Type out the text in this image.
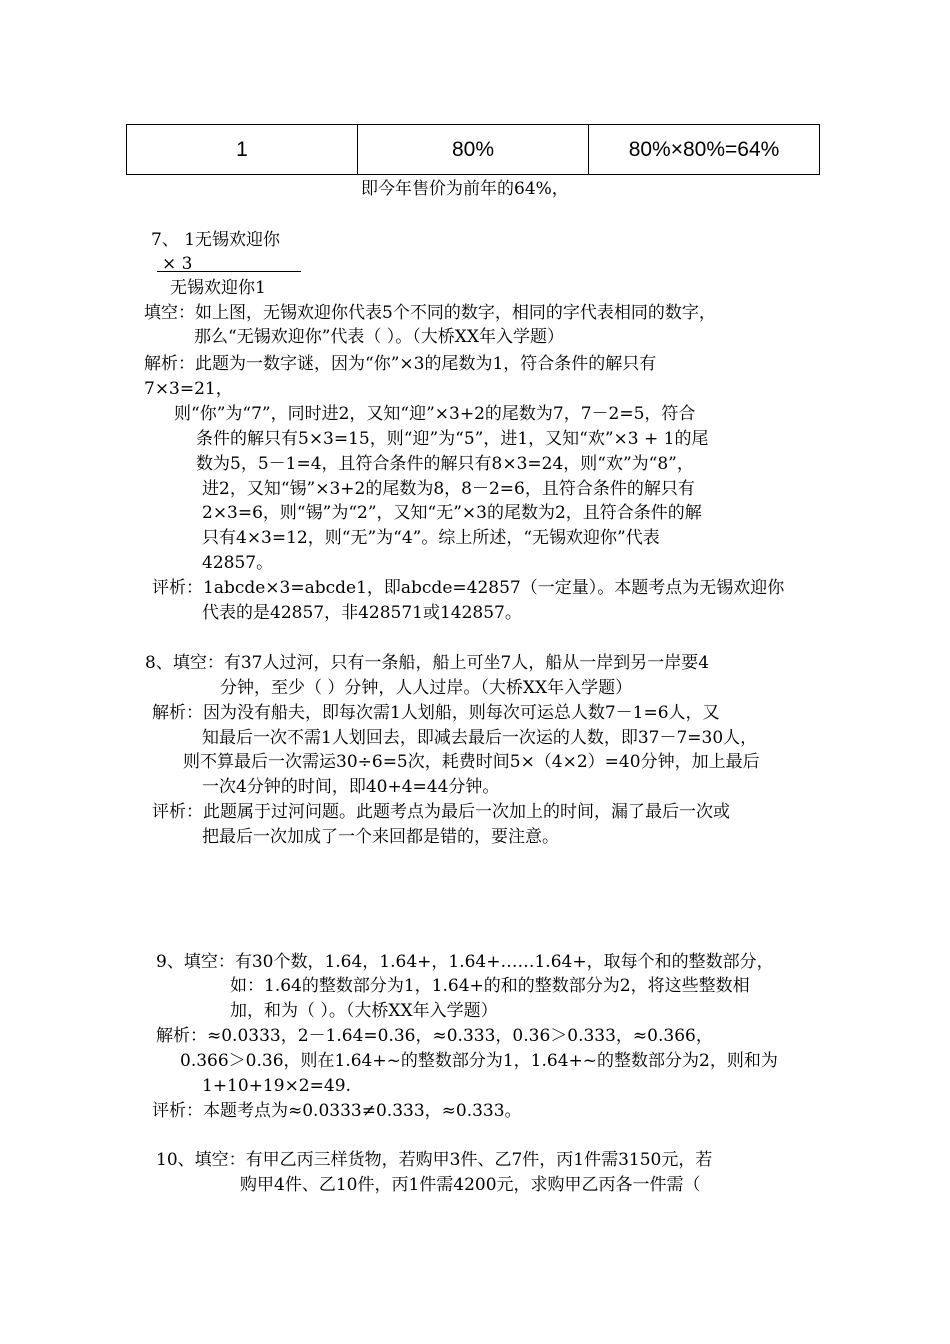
1	80%	80%×80%=64%
即今年售价为前年的64%，
7、 1无锡欢迎你
× 3
无锡欢迎你1
填空：如上图，无锡欢迎你代表5个不同的数字，相同的字代表相同的数字，
那么“无锡欢迎你”代表（ ）。（大桥XX年入学题）
解析：此题为一数字谜，因为“你”×3的尾数为1，符合条件的解只有
7×3=21，
则“你”为“7”，同时进2，又知“迎”×3+2的尾数为7，7－2=5，符合
条件的解只有5×3=15，则“迎”为“5”，进1，又知“欢”×3 + 1的尾
数为5，5－1=4，且符合条件的解只有8×3=24，则“欢”为“8”，
进2，又知“锡”×3+2的尾数为8，8－2=6，且符合条件的解只有
2×3=6，则“锡”为“2”，又知“无”×3的尾数为2，且符合条件的解
只有4×3=12，则“无”为“4”。综上所述，“无锡欢迎你”代表
42857。
评析：1abcde×3=abcde1，即abcde=42857（一定量）。本题考点为无锡欢迎你
代表的是42857，非428571或142857。
8、填空：有37人过河，只有一条船，船上可坐7人，船从一岸到另一岸要4
分钟，至少（ ）分钟，人人过岸。（大桥XX年入学题）
解析：因为没有船夫，即每次需1人划船，则每次可运总人数7－1=6人，又
知最后一次不需1人划回去，即减去最后一次运的人数，即37－7=30人，
则不算最后一次需运30÷6=5次，耗费时间5×（4×2）=40分钟，加上最后
一次4分钟的时间，即40+4=44分钟。
评析：此题属于过河问题。此题考点为最后一次加上的时间，漏了最后一次或
把最后一次加成了一个来回都是错的，要注意。
9、填空：有30个数，1.64，1.64+，1.64+……1.64+，取每个和的整数部分，
如：1.64的整数部分为1，1.64+的和的整数部分为2，将这些整数相
加，和为（ ）。（大桥XX年入学题）
解析：≈0.0333，2－1.64=0.36，≈0.333，0.36＞0.333，≈0.366，
0.366＞0.36，则在1.64+~的整数部分为1，1.64+~的整数部分为2，则和为
1+10+19×2=49.
评析：本题考点为≈0.0333≠0.333，≈0.333。
10、填空：有甲乙丙三样货物，若购甲3件、乙7件，丙1件需3150元，若
购甲4件、乙10件，丙1件需4200元，求购甲乙丙各一件需（
